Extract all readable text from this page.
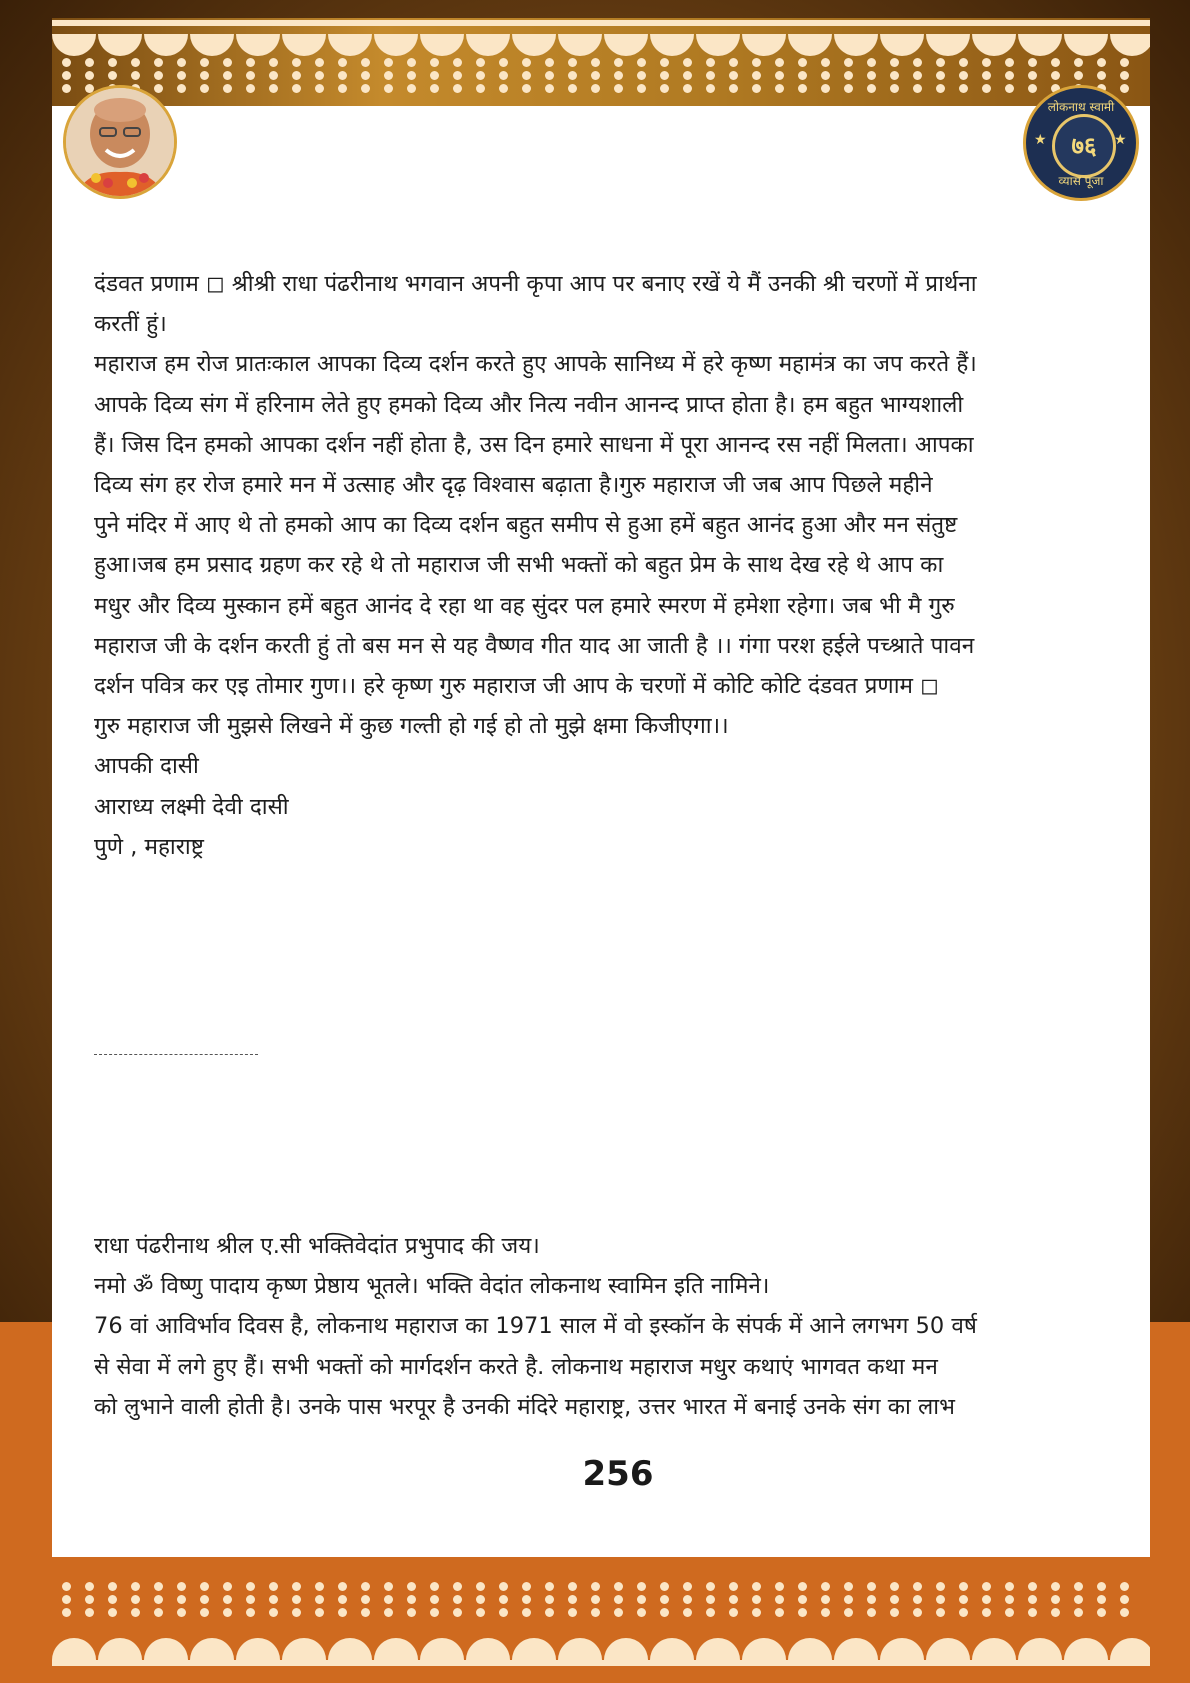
लोकनाथ स्वामी
★	७६	★
व्यास पूजा

दंडवत प्रणाम ◻ श्रीश्री राधा पंढरीनाथ भगवान अपनी कृपा आप पर बनाए रखें ये मैं उनकी श्री चरणों में प्रार्थना

करतीं हुं।

महाराज हम रोज प्रातःकाल आपका दिव्य दर्शन करते हुए आपके सानिध्य में हरे कृष्ण महामंत्र का जप करते हैं।

आपके दिव्य संग में हरिनाम लेते हुए हमको दिव्य और नित्य नवीन आनन्द प्राप्त होता है। हम बहुत भाग्यशाली

हैं। जिस दिन हमको आपका दर्शन नहीं होता है, उस दिन हमारे साधना में पूरा आनन्द रस नहीं मिलता। आपका

दिव्य संग हर रोज हमारे मन में उत्साह और दृढ़ विश्वास बढ़ाता है।गुरु महाराज जी जब आप पिछले महीने

पुने मंदिर में आए थे तो हमको आप का दिव्य दर्शन बहुत समीप से हुआ हमें बहुत आनंद हुआ और मन संतुष्ट

हुआ।जब हम प्रसाद ग्रहण कर रहे थे तो महाराज जी सभी भक्तों को बहुत प्रेम के साथ देख रहे थे आप का

मधुर और दिव्य मुस्कान हमें बहुत आनंद दे रहा था वह सुंदर पल हमारे स्मरण में हमेशा रहेगा। जब भी मै गुरु

महाराज जी के दर्शन करती हुं तो बस मन से यह वैष्णव गीत याद आ जाती है ।। गंगा परश हईले पच्श्राते पावन

दर्शन पवित्र कर एइ तोमार गुण।। हरे कृष्ण गुरु महाराज जी आप के चरणों में कोटि कोटि दंडवत प्रणाम ◻

गुरु महाराज जी मुझसे लिखने में कुछ गल्ती हो गई हो तो मुझे क्षमा किजीएगा।।

आपकी दासी

आराध्य लक्ष्मी देवी दासी

पुणे , महाराष्ट्र

राधा पंढरीनाथ श्रील ए.सी भक्तिवेदांत प्रभुपाद की जय।

नमो ॐ विष्णु पादाय कृष्ण प्रेष्ठाय भूतले। भक्ति वेदांत लोकनाथ स्वामिन इति नामिने।

76 वां आविर्भाव दिवस है, लोकनाथ महाराज का 1971 साल में वो इस्कॉन के संपर्क में आने लगभग 50 वर्ष

से सेवा में लगे हुए हैं। सभी भक्तों को मार्गदर्शन करते है. लोकनाथ महाराज मधुर कथाएं भागवत कथा मन

को लुभाने वाली होती है। उनके पास भरपूर है उनकी मंदिरे महाराष्ट्र, उत्तर भारत में बनाई उनके संग का लाभ

256
